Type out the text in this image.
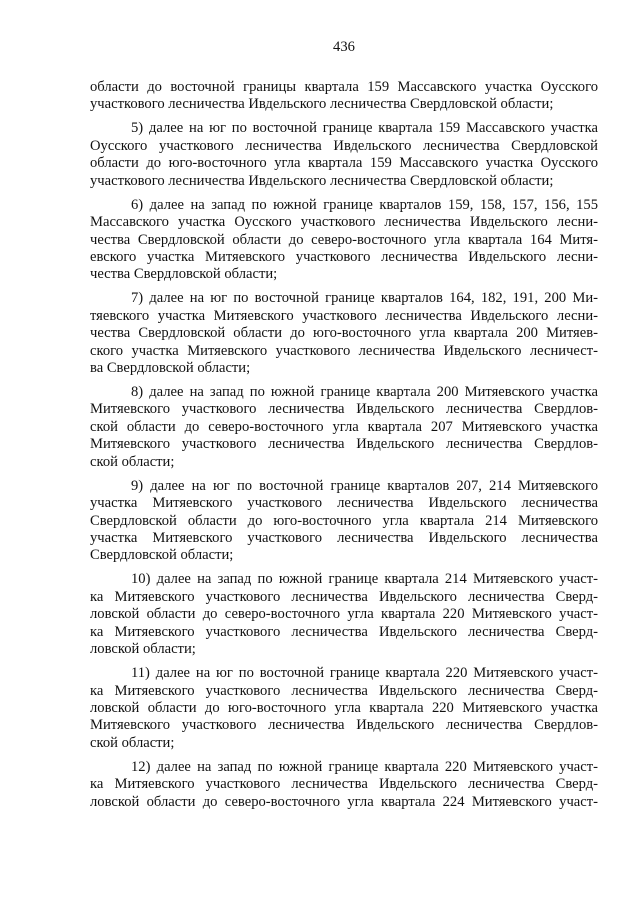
436
области до восточной границы квартала 159 Массавского участка Оусского
участкового лесничества Ивдельского лесничества Свердловской области;
5) далее на юг по восточной границе квартала 159 Массавского участка
Оусского участкового лесничества Ивдельского лесничества Свердловской
области до юго-восточного угла квартала 159 Массавского участка Оусского
участкового лесничества Ивдельского лесничества Свердловской области;
6) далее на запад по южной границе кварталов 159, 158, 157, 156, 155
Массавского участка Оусского участкового лесничества Ивдельского лесни-
чества Свердловской области до северо-восточного угла квартала 164 Митя-
евского участка Митяевского участкового лесничества Ивдельского лесни-
чества Свердловской области;
7) далее на юг по восточной границе кварталов 164, 182, 191, 200 Ми-
тяевского участка Митяевского участкового лесничества Ивдельского лесни-
чества Свердловской области до юго-восточного угла квартала 200 Митяев-
ского участка Митяевского участкового лесничества Ивдельского лесничест-
ва Свердловской области;
8) далее на запад по южной границе квартала 200 Митяевского участка
Митяевского участкового лесничества Ивдельского лесничества Свердлов-
ской области до северо-восточного угла квартала 207 Митяевского участка
Митяевского участкового лесничества Ивдельского лесничества Свердлов-
ской области;
9) далее на юг по восточной границе кварталов 207, 214 Митяевского
участка Митяевского участкового лесничества Ивдельского лесничества
Свердловской области до юго-восточного угла квартала 214 Митяевского
участка Митяевского участкового лесничества Ивдельского лесничества
Свердловской области;
10) далее на запад по южной границе квартала 214 Митяевского участ-
ка Митяевского участкового лесничества Ивдельского лесничества Сверд-
ловской области до северо-восточного угла квартала 220 Митяевского участ-
ка Митяевского участкового лесничества Ивдельского лесничества Сверд-
ловской области;
11) далее на юг по восточной границе квартала 220 Митяевского участ-
ка Митяевского участкового лесничества Ивдельского лесничества Сверд-
ловской области до юго-восточного угла квартала 220 Митяевского участка
Митяевского участкового лесничества Ивдельского лесничества Свердлов-
ской области;
12) далее на запад по южной границе квартала 220 Митяевского участ-
ка Митяевского участкового лесничества Ивдельского лесничества Сверд-
ловской области до северо-восточного угла квартала 224 Митяевского участ-
